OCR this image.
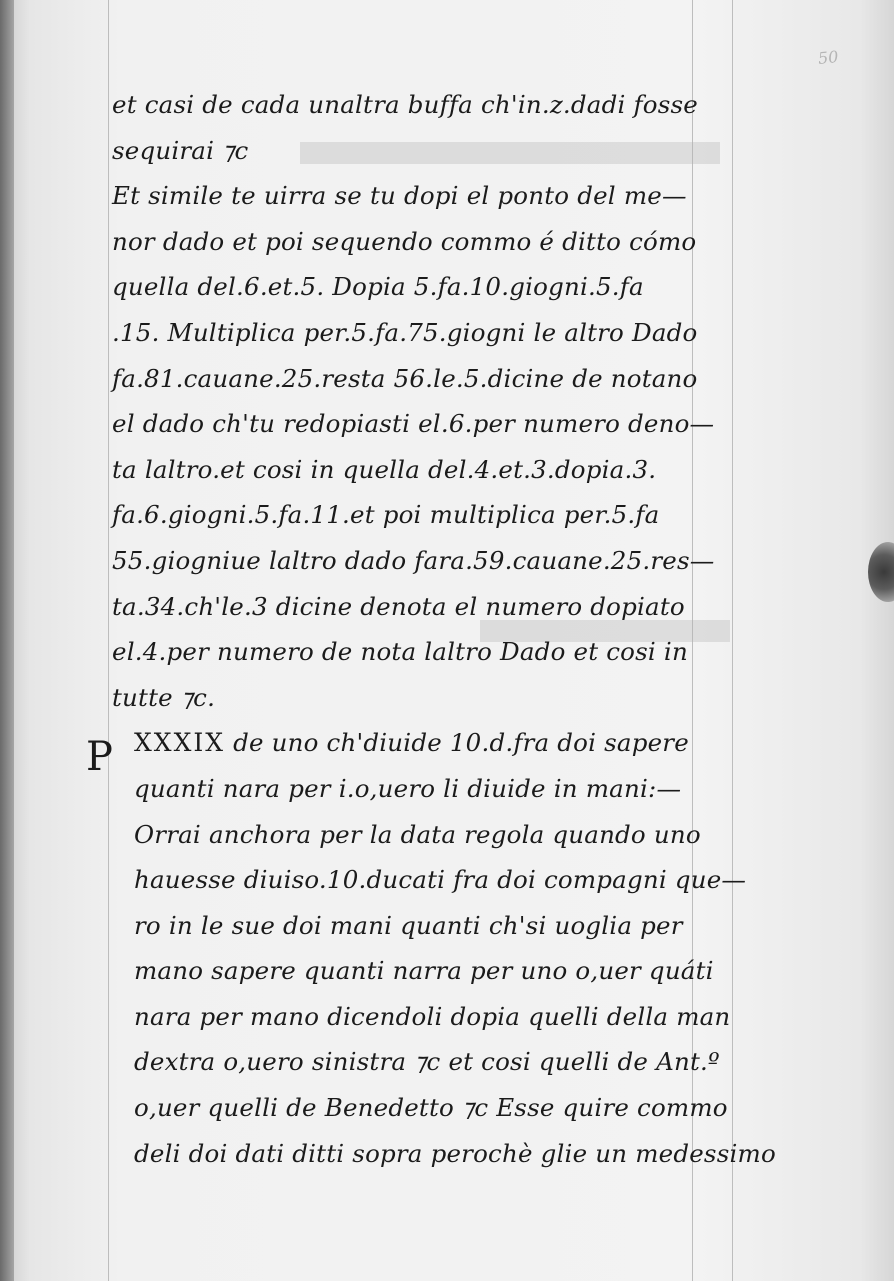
50
P
et casi de cada unaltra buffa ch'in.z.dadi fosse
sequirai ⁊c
Et simile te uirra se tu dopi el ponto del me—
nor dado et poi sequendo commo é ditto cómo
quella del.6.et.5. Dopia 5.fa.10.giogni.5.fa
.15. Multiplica per.5.fa.75.giogni le altro Dado
fa.81.cauane.25.resta 56.le.5.dicine de notano
el dado ch'tu redopiasti el.6.per numero deno—
ta laltro.et cosi in quella del.4.et.3.dopia.3.
fa.6.giogni.5.fa.11.et poi multiplica per.5.fa
55.giogniue laltro dado fara.59.cauane.25.res—
ta.34.ch'le.3 dicine denota el numero dopiato
el.4.per numero de nota laltro Dado et cosi in
tutte ⁊c.
XXXIX de uno ch'diuide 10.d.fra doi sapere
quanti nara per i.o,uero li diuide in mani:—
Orrai anchora per la data regola quando uno
hauesse diuiso.10.ducati fra doi compagni que—
ro in le sue doi mani quanti ch'si uoglia per
mano sapere quanti narra per uno o,uer quáti
nara per mano dicendoli dopia quelli della man
dextra o,uero sinistra ⁊c et cosi quelli de Ant.º
o,uer quelli de Benedetto ⁊c Esse quire commo
deli doi dati ditti sopra perochè glie un medessimo
